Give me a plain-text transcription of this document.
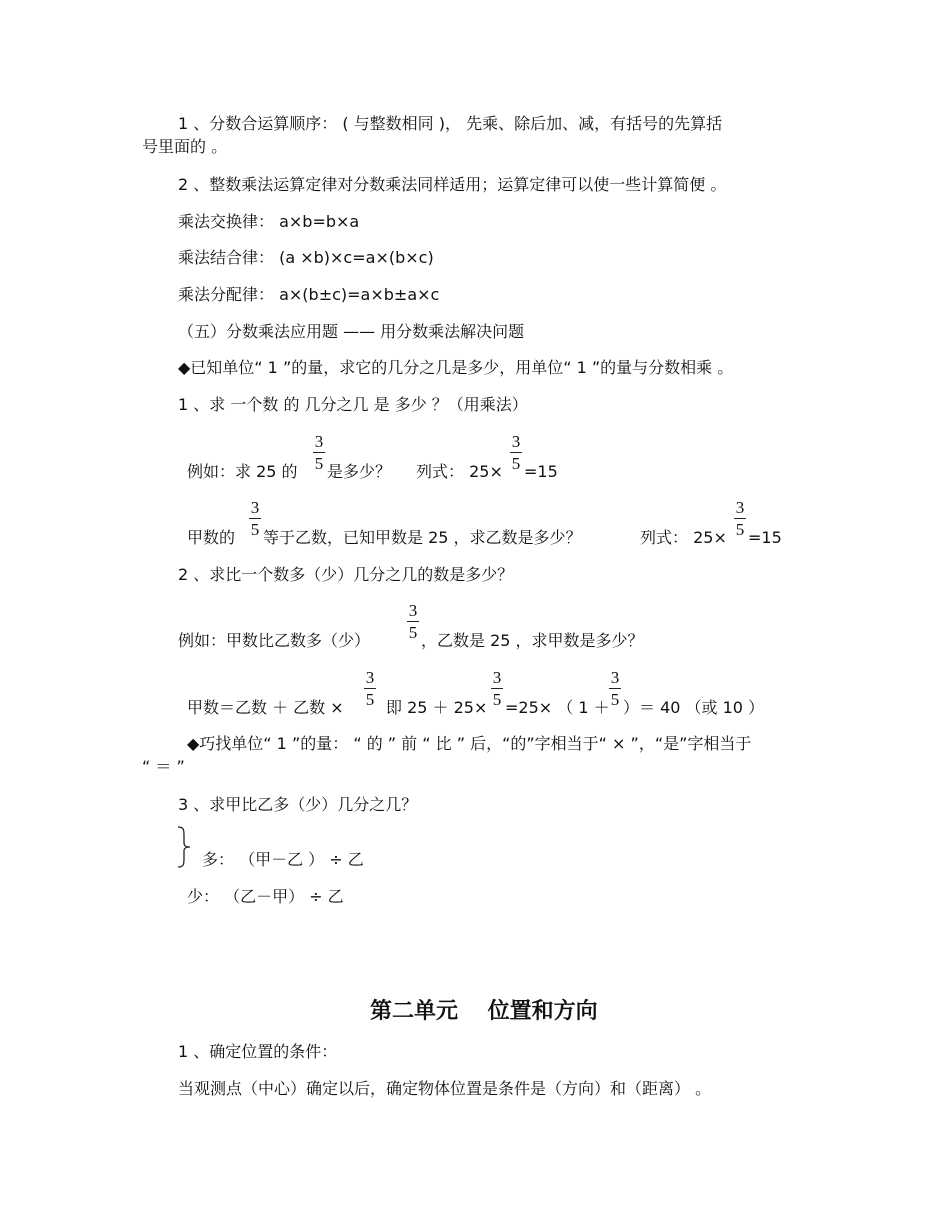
1 、分数合运算顺序： ( 与整数相同 )， 先乘、除后加、减，有括号的先算括
号里面的 。
2 、整数乘法运算定律对分数乘法同样适用；运算定律可以使一些计算简便 。
乘法交换律： a×b=b×a
乘法结合律： (a ×b)×c=a×(b×c)
乘法分配律： a×(b±c)=a×b±a×c
（五）分数乘法应用题 —— 用分数乘法解决问题
◆已知单位“ 1 ”的量，求它的几分之几是多少，用单位“ 1 ”的量与分数相乘 。
1 、求 一个数 的 几分之几 是 多少 ？（用乘法）
例如：求 25 的
3
5 是多少？ 列式： 25×
3
5 =15
甲数的
3
5 等于乙数，已知甲数是 25 ，求乙数是多少？	列式： 25×
3
5 =15
2 、求比一个数多（少）几分之几的数是多少？
例如：甲数比乙数多（少）
3
5 ，乙数是 25 ，求甲数是多少？
甲数＝乙数 ＋ 乙数 ×
3
5 即 25 ＋ 25×
3
5 =25× （ 1 ＋
3
5 ）＝ 40 （或 10 ）
◆巧找单位“ 1 ”的量： “ 的 ” 前 “ 比 ” 后，“的”字相当于“ × ”，“是”字相当于
“ ＝ ”
3 、求甲比乙多（少）几分之几？
多： （甲－乙 ） ÷ 乙
少： （乙－甲） ÷ 乙
第二单元　 位置和方向
1 、确定位置的条件：
当观测点（中心）确定以后，确定物体位置是条件是（方向）和（距离） 。
